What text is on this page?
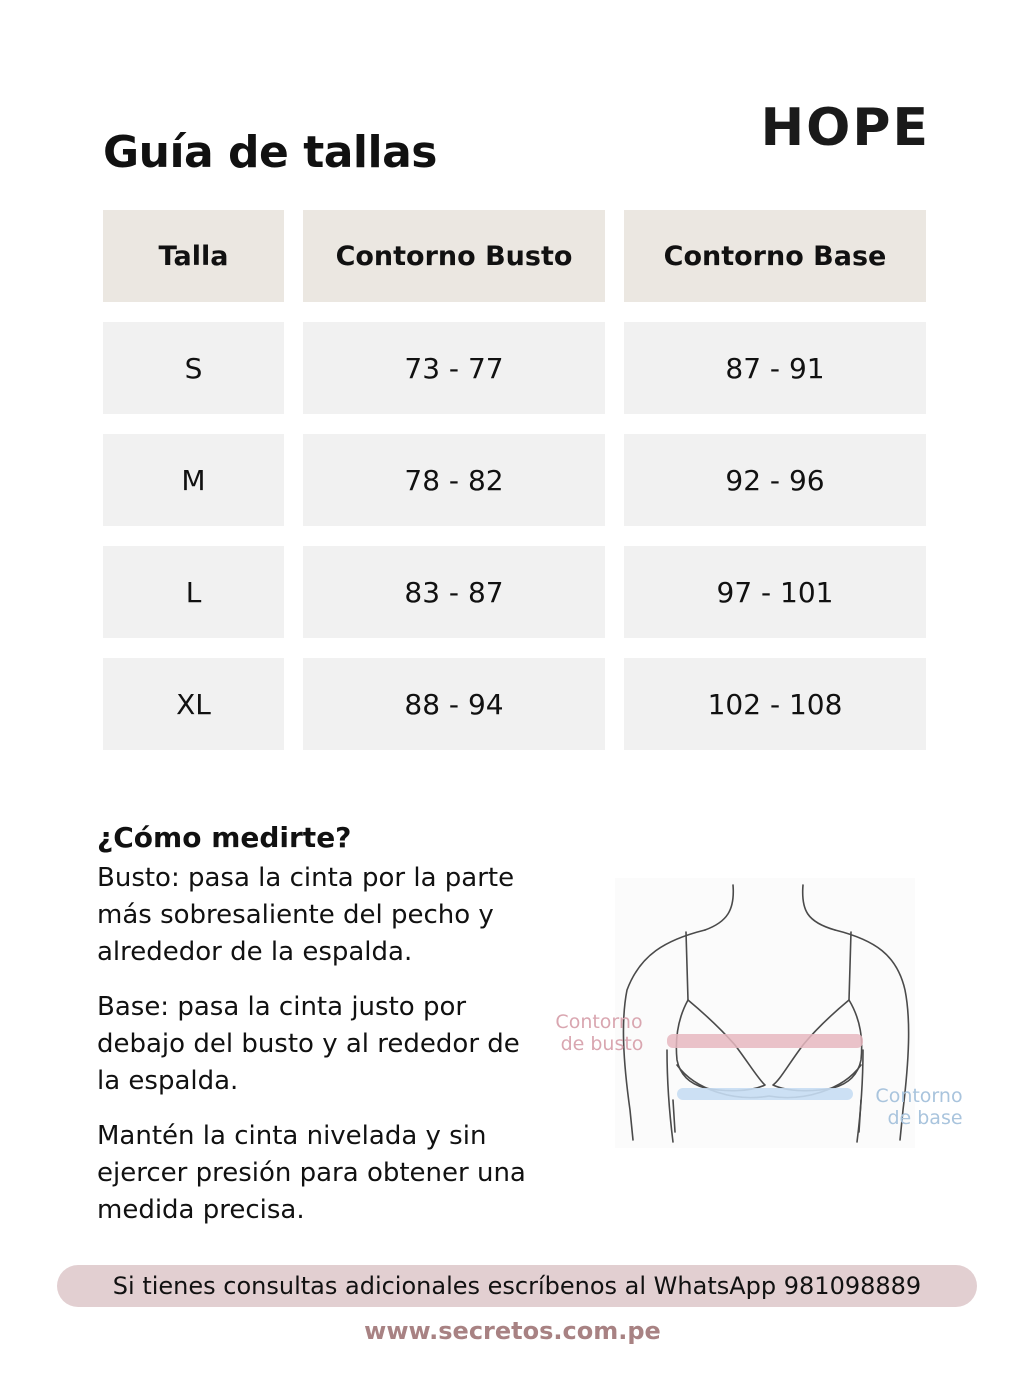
Guía de tallas	HOPE
Talla	Contorno Busto	Contorno Base
S	73 - 77	87 - 91
M	78 - 82	92 - 96
L	83 - 87	97 - 101
XL	88 - 94	102 - 108
¿Cómo medirte?

Busto: pasa la cinta por la parte más sobresaliente del pecho y alrededor de la espalda.

Base: pasa la cinta justo por debajo del busto y al rededor de la espalda.

Mantén la cinta nivelada y sin ejercer presión para obtener una medida precisa.

Contorno
de busto
Contorno
de base
Si tienes consultas adicionales escríbenos al WhatsApp 981098889
www.secretos.com.pe
